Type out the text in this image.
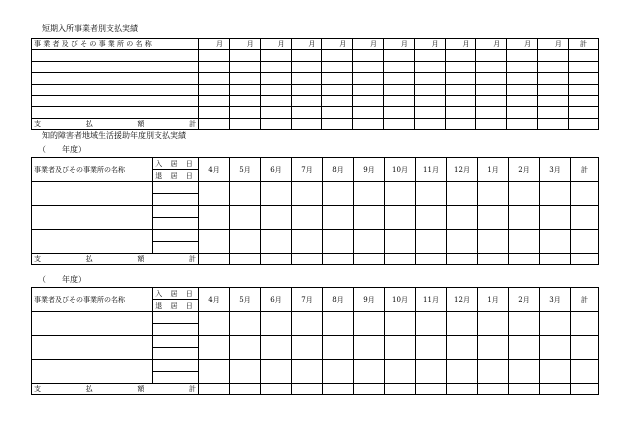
短期入所事業者別支払実績
事 業 者 及 び そ の 事 業 所 の 名 称	月	月	月	月	月	月	月	月	月	月	月	月	計

支 払 額 計													

知的障害者地域生活援助年度別支払実績
（　　年度）
事業者及びその事業所の名称	入 居 日	4月	5月	6月	7月	8月	9月	10月	11月	12月	1月	2月	3月	計
	退 居 日													

支 払 額 計														

（　　年度）
事業者及びその事業所の名称	入 居 日	4月	5月	6月	7月	8月	9月	10月	11月	12月	1月	2月	3月	計
	退 居 日													

支 払 額 計														
